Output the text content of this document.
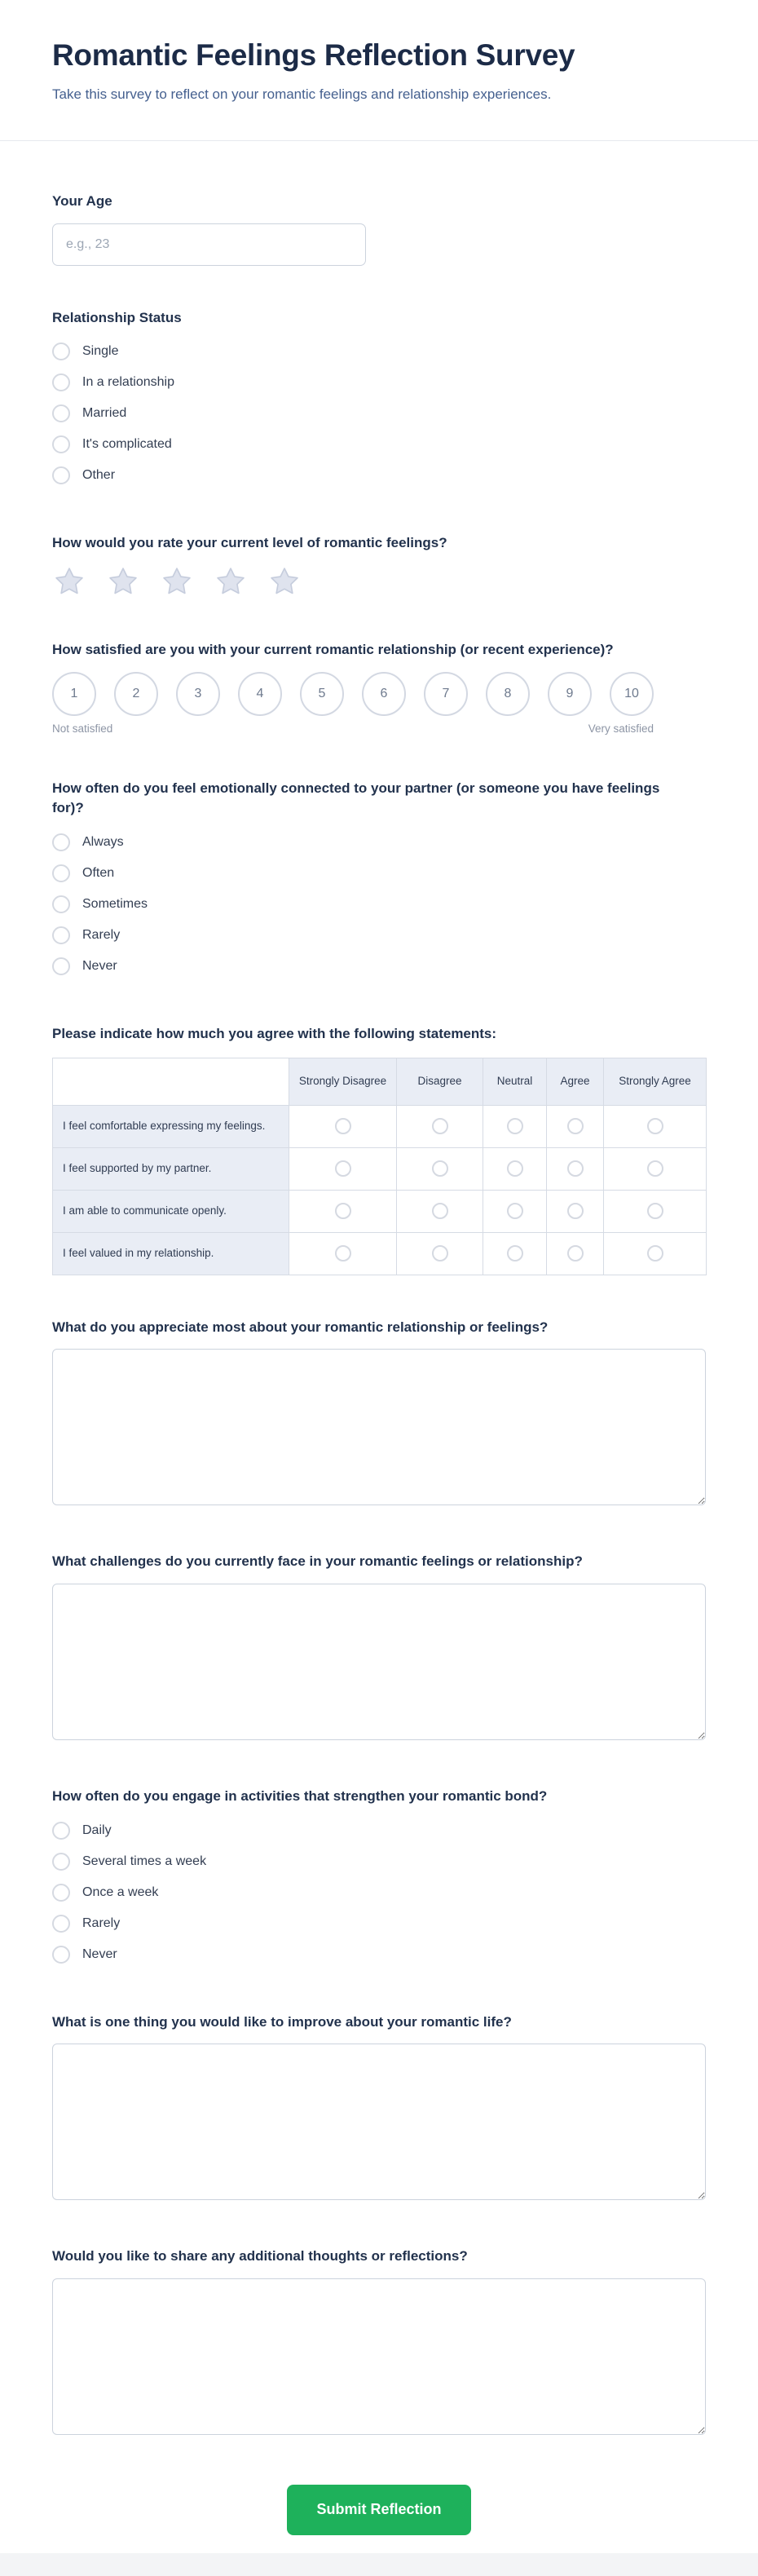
Romantic Feelings Reflection Survey

Take this survey to reflect on your romantic feelings and relationship experiences.

Your Age
e.g., 23
Relationship Status
Single
In a relationship
Married
It's complicated
Other
How would you rate your current level of romantic feelings?
How satisfied are you with your current romantic relationship (or recent experience)?
1	2	3	4	5	6	7	8	9	10
Not satisfied	Very satisfied
How often do you feel emotionally connected to your partner (or someone you have feelings for)?
Always
Often
Sometimes
Rarely
Never
Please indicate how much you agree with the following statements:
	Strongly Disagree	Disagree	Neutral	Agree	Strongly Agree
I feel comfortable expressing my feelings.					
I feel supported by my partner.					
I am able to communicate openly.					
I feel valued in my relationship.					
What do you appreciate most about your romantic relationship or feelings?
What challenges do you currently face in your romantic feelings or relationship?
How often do you engage in activities that strengthen your romantic bond?
Daily
Several times a week
Once a week
Rarely
Never
What is one thing you would like to improve about your romantic life?
Would you like to share any additional thoughts or reflections?
Submit Reflection
